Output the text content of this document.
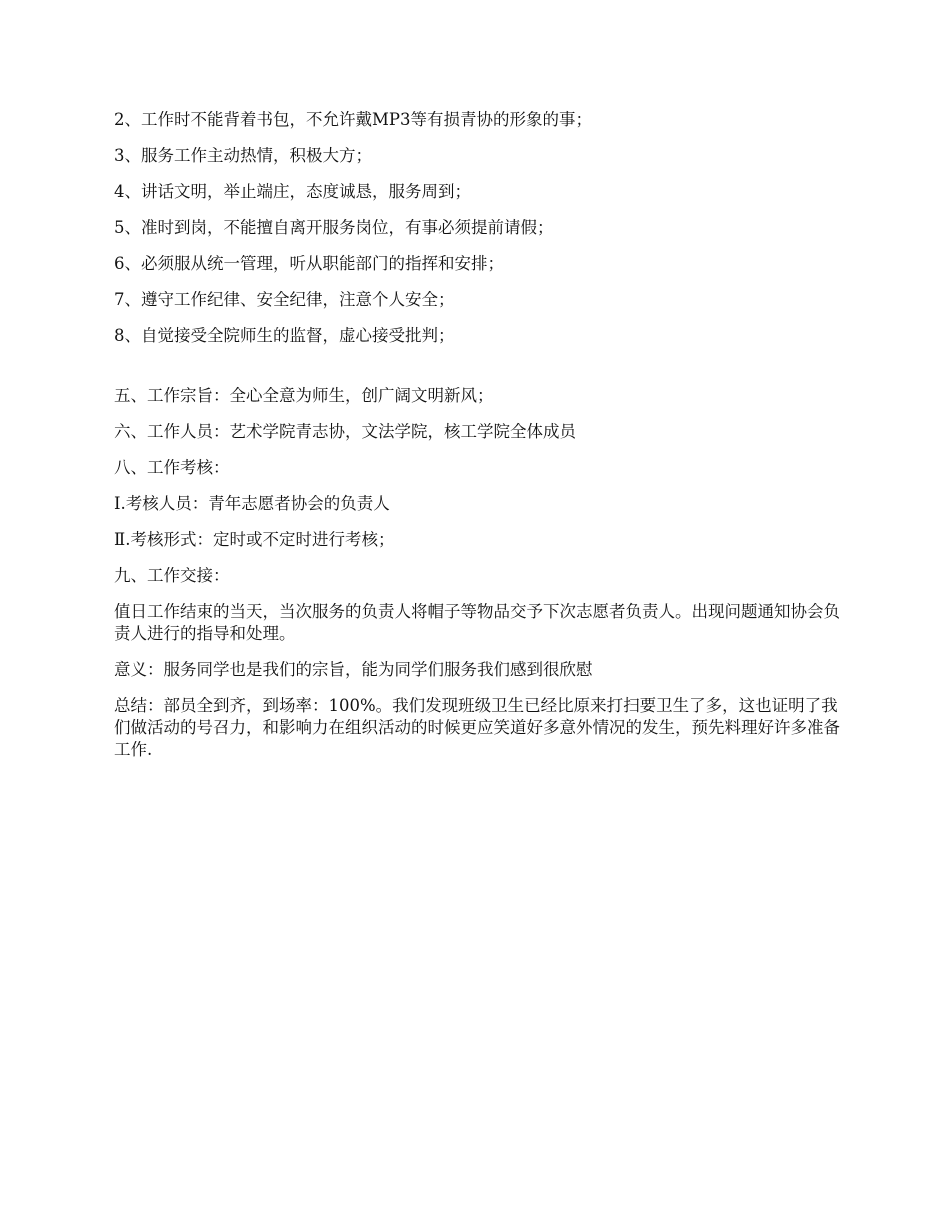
2、工作时不能背着书包，不允许戴MP3等有损青协的形象的事；

3、服务工作主动热情，积极大方；

4、讲话文明，举止端庄，态度诚恳，服务周到；

5、准时到岗，不能擅自离开服务岗位，有事必须提前请假；

6、必须服从统一管理，听从职能部门的指挥和安排；

7、遵守工作纪律、安全纪律，注意个人安全；

8、自觉接受全院师生的监督，虚心接受批判；

五、工作宗旨：全心全意为师生，创广阔文明新风；

六、工作人员：艺术学院青志协，文法学院，核工学院全体成员

八、工作考核：

Ⅰ.考核人员：青年志愿者协会的负责人

Ⅱ.考核形式：定时或不定时进行考核；

九、工作交接：

值日工作结束的当天，当次服务的负责人将帽子等物品交予下次志愿者负责人。出现问题通知协会负责人进行的指导和处理。

意义：服务同学也是我们的宗旨，能为同学们服务我们感到很欣慰

总结：部员全到齐，到场率：100%。我们发现班级卫生已经比原来打扫要卫生了多，这也证明了我们做活动的号召力，和影响力在组织活动的时候更应笑道好多意外情况的发生，预先料理好许多准备工作.
